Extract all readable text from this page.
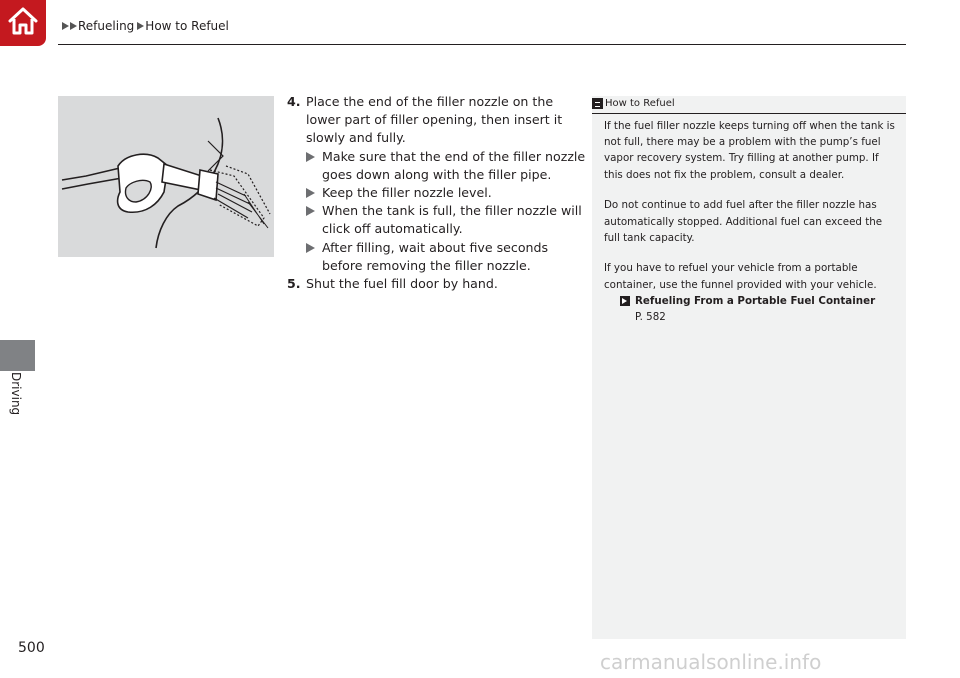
Refueling How to Refuel
Driving
4. Place the end of the filler nozzle on the lower part of filler opening, then insert it slowly and fully.
Make sure that the end of the filler nozzle goes down along with the filler pipe.
Keep the filler nozzle level.
When the tank is full, the filler nozzle will click off automatically.
After filling, wait about five seconds before removing the filler nozzle.
5. Shut the fuel fill door by hand.
How to Refuel

If the fuel filler nozzle keeps turning off when the tank is not full, there may be a problem with the pump’s fuel vapor recovery system. Try filling at another pump. If this does not fix the problem, consult a dealer.

Do not continue to add fuel after the filler nozzle has automatically stopped. Additional fuel can exceed the full tank capacity.

If you have to refuel your vehicle from a portable container, use the funnel provided with your vehicle.

Refueling From a Portable Fuel Container
P. 582
500
carmanualsonline.info
